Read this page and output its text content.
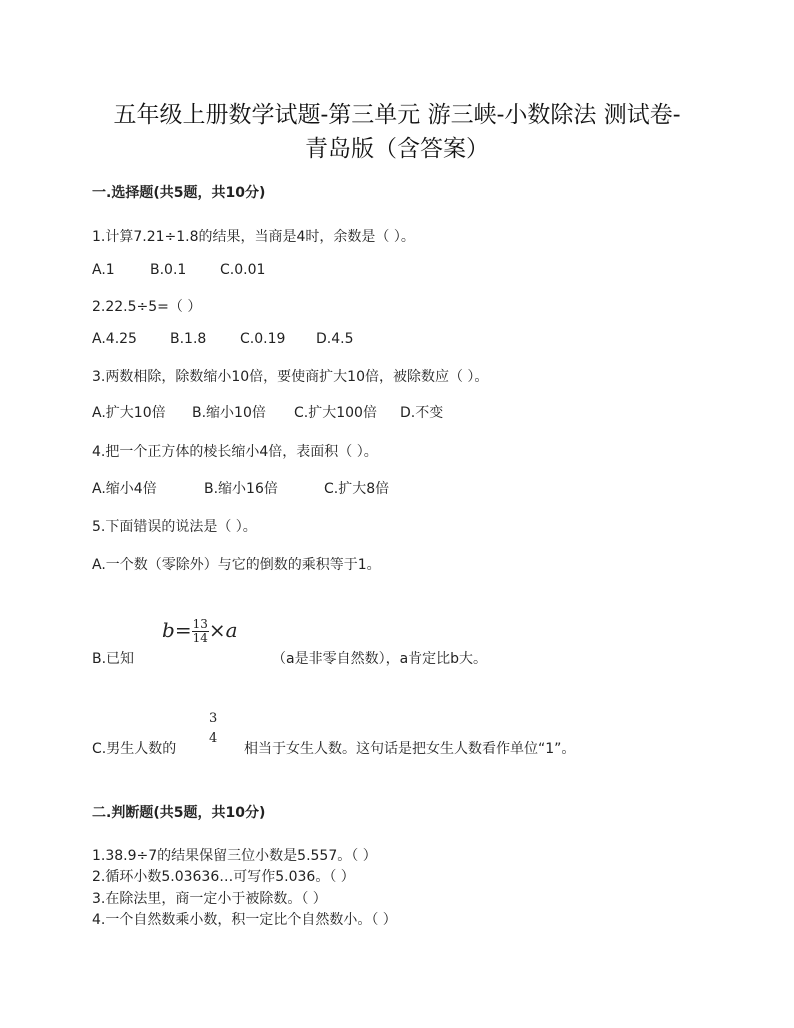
五年级上册数学试题-第三单元 游三峡-小数除法 测试卷-
青岛版（含答案）
一.选择题(共5题，共10分)
1.计算7.21÷1.8的结果，当商是4时，余数是（ ）。
A.1	B.0.1 C.0.01
2.22.5÷5=（ ）
A.4.25 B.1.8 C.0.19 D.4.5
3.两数相除，除数缩小10倍，要使商扩大10倍，被除数应（ ）。
A.扩大10倍 B.缩小10倍 C.扩大100倍 D.不变
4.把一个正方体的棱长缩小4倍，表面积（ ）。
A.缩小4倍	B.缩小16倍	C.扩大8倍
5.下面错误的说法是（ ）。
A.一个数（零除外）与它的倒数的乘积等于1。
$b= \frac{13}{14} \times a$
B.已知	（a是非零自然数），a肯定比b大。
3
4
C.男生人数的	相当于女生人数。这句话是把女生人数看作单位“1”。
二.判断题(共5题，共10分)
1.38.9÷7的结果保留三位小数是5.557。（ ）
2.循环小数5.03636…可写作5.036。（ ）
3.在除法里，商一定小于被除数。（ ）
4.一个自然数乘小数，积一定比个自然数小。（ ）
